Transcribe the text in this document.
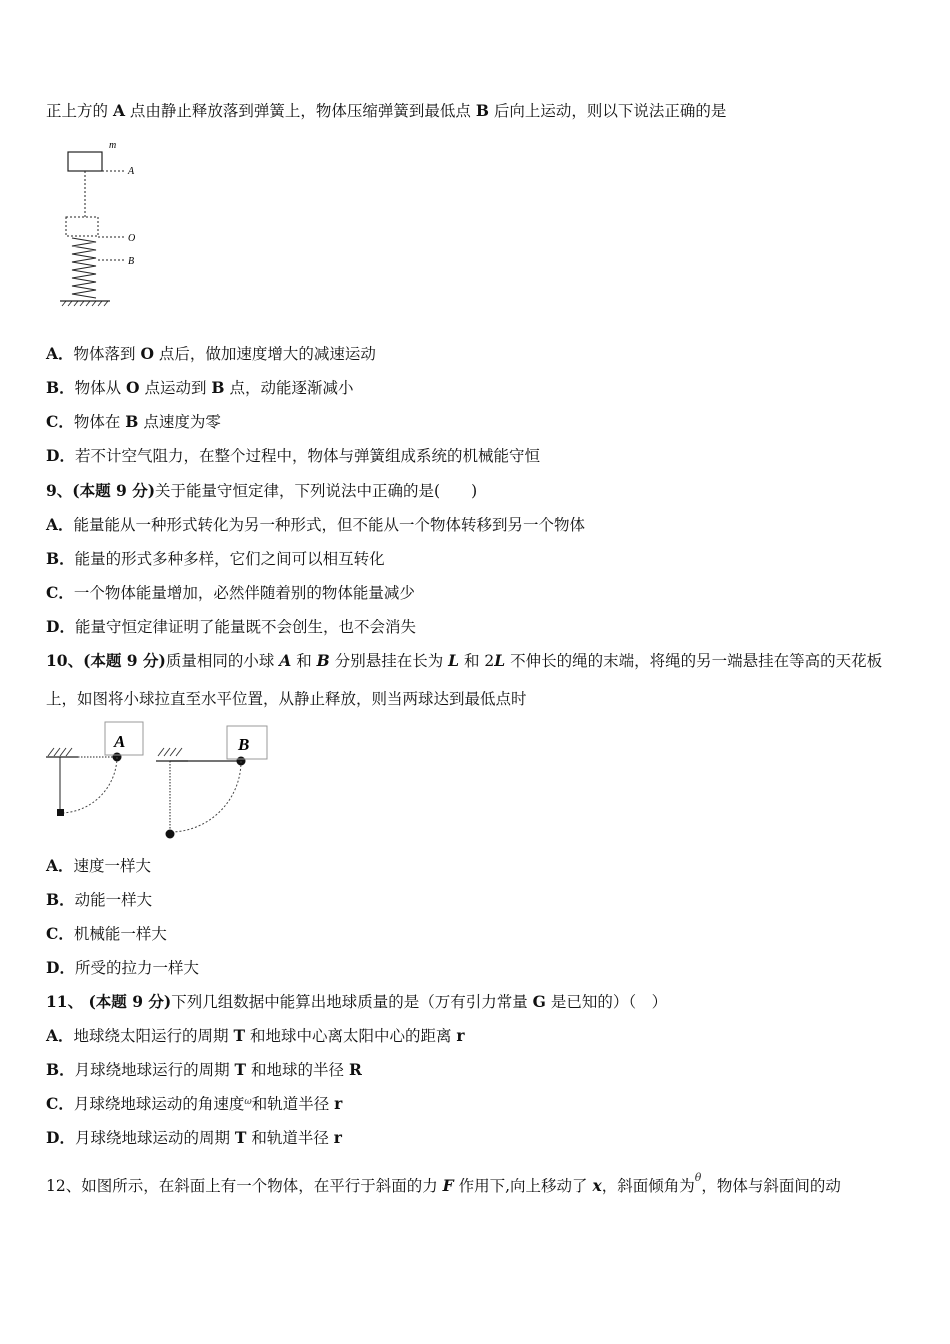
正上方的 A 点由静止释放落到弹簧上，物体压缩弹簧到最低点 B 后向上运动，则以下说法正确的是
m
A
O
B
A．物体落到 O 点后，做加速度增大的减速运动
B．物体从 O 点运动到 B 点，动能逐渐减小
C．物体在 B 点速度为零
D．若不计空气阻力，在整个过程中，物体与弹簧组成系统的机械能守恒
9、(本题 9 分)关于能量守恒定律，下列说法中正确的是(　　)
A．能量能从一种形式转化为另一种形式，但不能从一个物体转移到另一个物体
B．能量的形式多种多样，它们之间可以相互转化
C．一个物体能量增加，必然伴随着别的物体能量减少
D．能量守恒定律证明了能量既不会创生，也不会消失
10、(本题 9 分)质量相同的小球 A 和 B 分别悬挂在长为 L 和 2L 不伸长的绳的末端，将绳的另一端悬挂在等高的天花板
上，如图将小球拉直至水平位置，从静止释放，则当两球达到最低点时
A	B
A．速度一样大
B．动能一样大
C．机械能一样大
D．所受的拉力一样大
11、 (本题 9 分)下列几组数据中能算出地球质量的是（万有引力常量 G 是已知的）（　）
A．地球绕太阳运行的周期 T 和地球中心离太阳中心的距离 r
B．月球绕地球运行的周期 T 和地球的半径 R
C．月球绕地球运动的角速度$^\omega$和轨道半径 r
D．月球绕地球运动的周期 T 和轨道半径 r
12、如图所示，在斜面上有一个物体，在平行于斜面的力 F 作用下,向上移动了 x，斜面倾角为$^\theta$，物体与斜面间的动
